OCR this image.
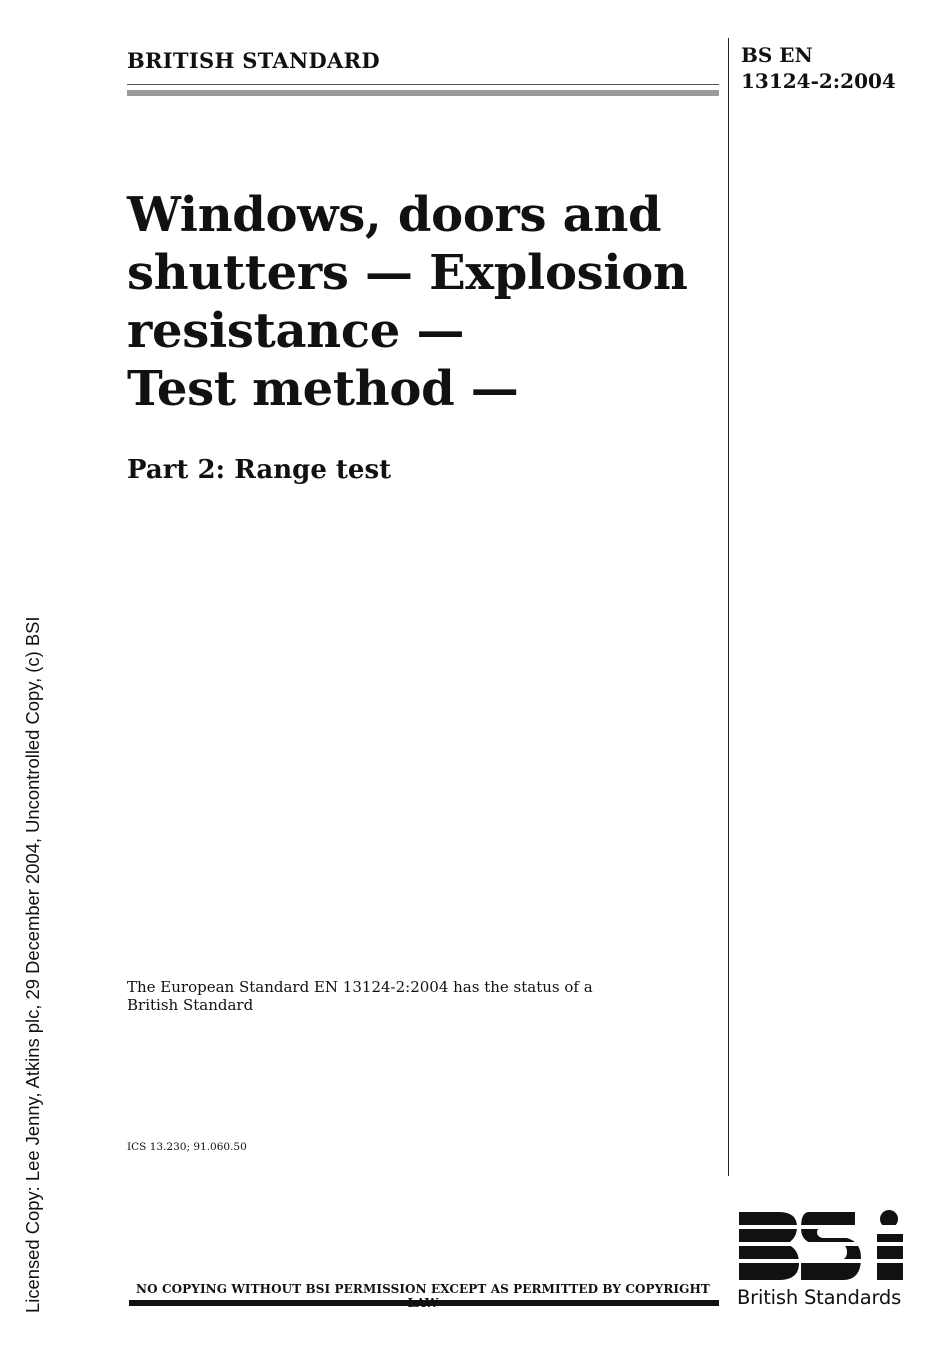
BRITISH STANDARD	BS EN
13124-2:2004
Windows, doors and
shutters — Explosion
resistance —
Test method —
Part 2: Range test
The European Standard EN 13124-2:2004 has the status of a
British Standard
ICS 13.230; 91.060.50
NO COPYING WITHOUT BSI PERMISSION EXCEPT AS PERMITTED BY COPYRIGHT
Licensed Copy: Lee Jenny, Atkins plc, 29 December 2004, Uncontrolled Copy, (c) BSI	British Standards
